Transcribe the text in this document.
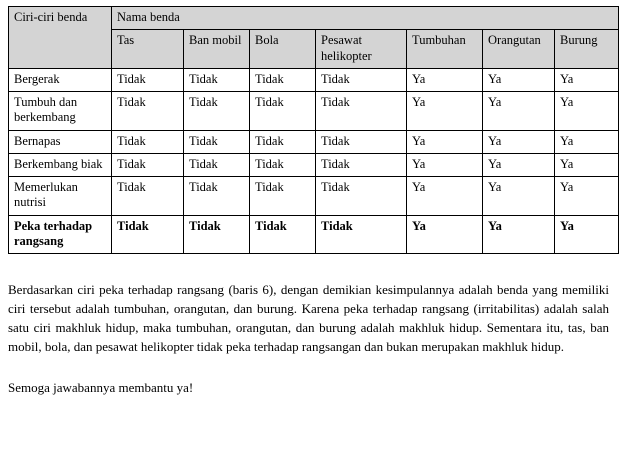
Ciri-ciri benda	Nama benda						
	Tas	Ban mobil	Bola	Pesawat helikopter	Tumbuhan	Orangutan	Burung
Bergerak	Tidak	Tidak	Tidak	Tidak	Ya	Ya	Ya
Tumbuh dan berkembang	Tidak	Tidak	Tidak	Tidak	Ya	Ya	Ya
Bernapas	Tidak	Tidak	Tidak	Tidak	Ya	Ya	Ya
Berkembang biak	Tidak	Tidak	Tidak	Tidak	Ya	Ya	Ya
Memerlukan nutrisi	Tidak	Tidak	Tidak	Tidak	Ya	Ya	Ya
Peka terhadap rangsang	Tidak	Tidak	Tidak	Tidak	Ya	Ya	Ya

Berdasarkan ciri peka terhadap rangsang (baris 6), dengan demikian kesimpulannya adalah benda yang memiliki ciri tersebut adalah tumbuhan, orangutan, dan burung. Karena peka terhadap rangsang (irritabilitas) adalah salah satu ciri makhluk hidup, maka tumbuhan, orangutan, dan burung adalah makhluk hidup. Sementara itu, tas, ban mobil, bola, dan pesawat helikopter tidak peka terhadap rangsangan dan bukan merupakan makhluk hidup.

Semoga jawabannya membantu ya!
